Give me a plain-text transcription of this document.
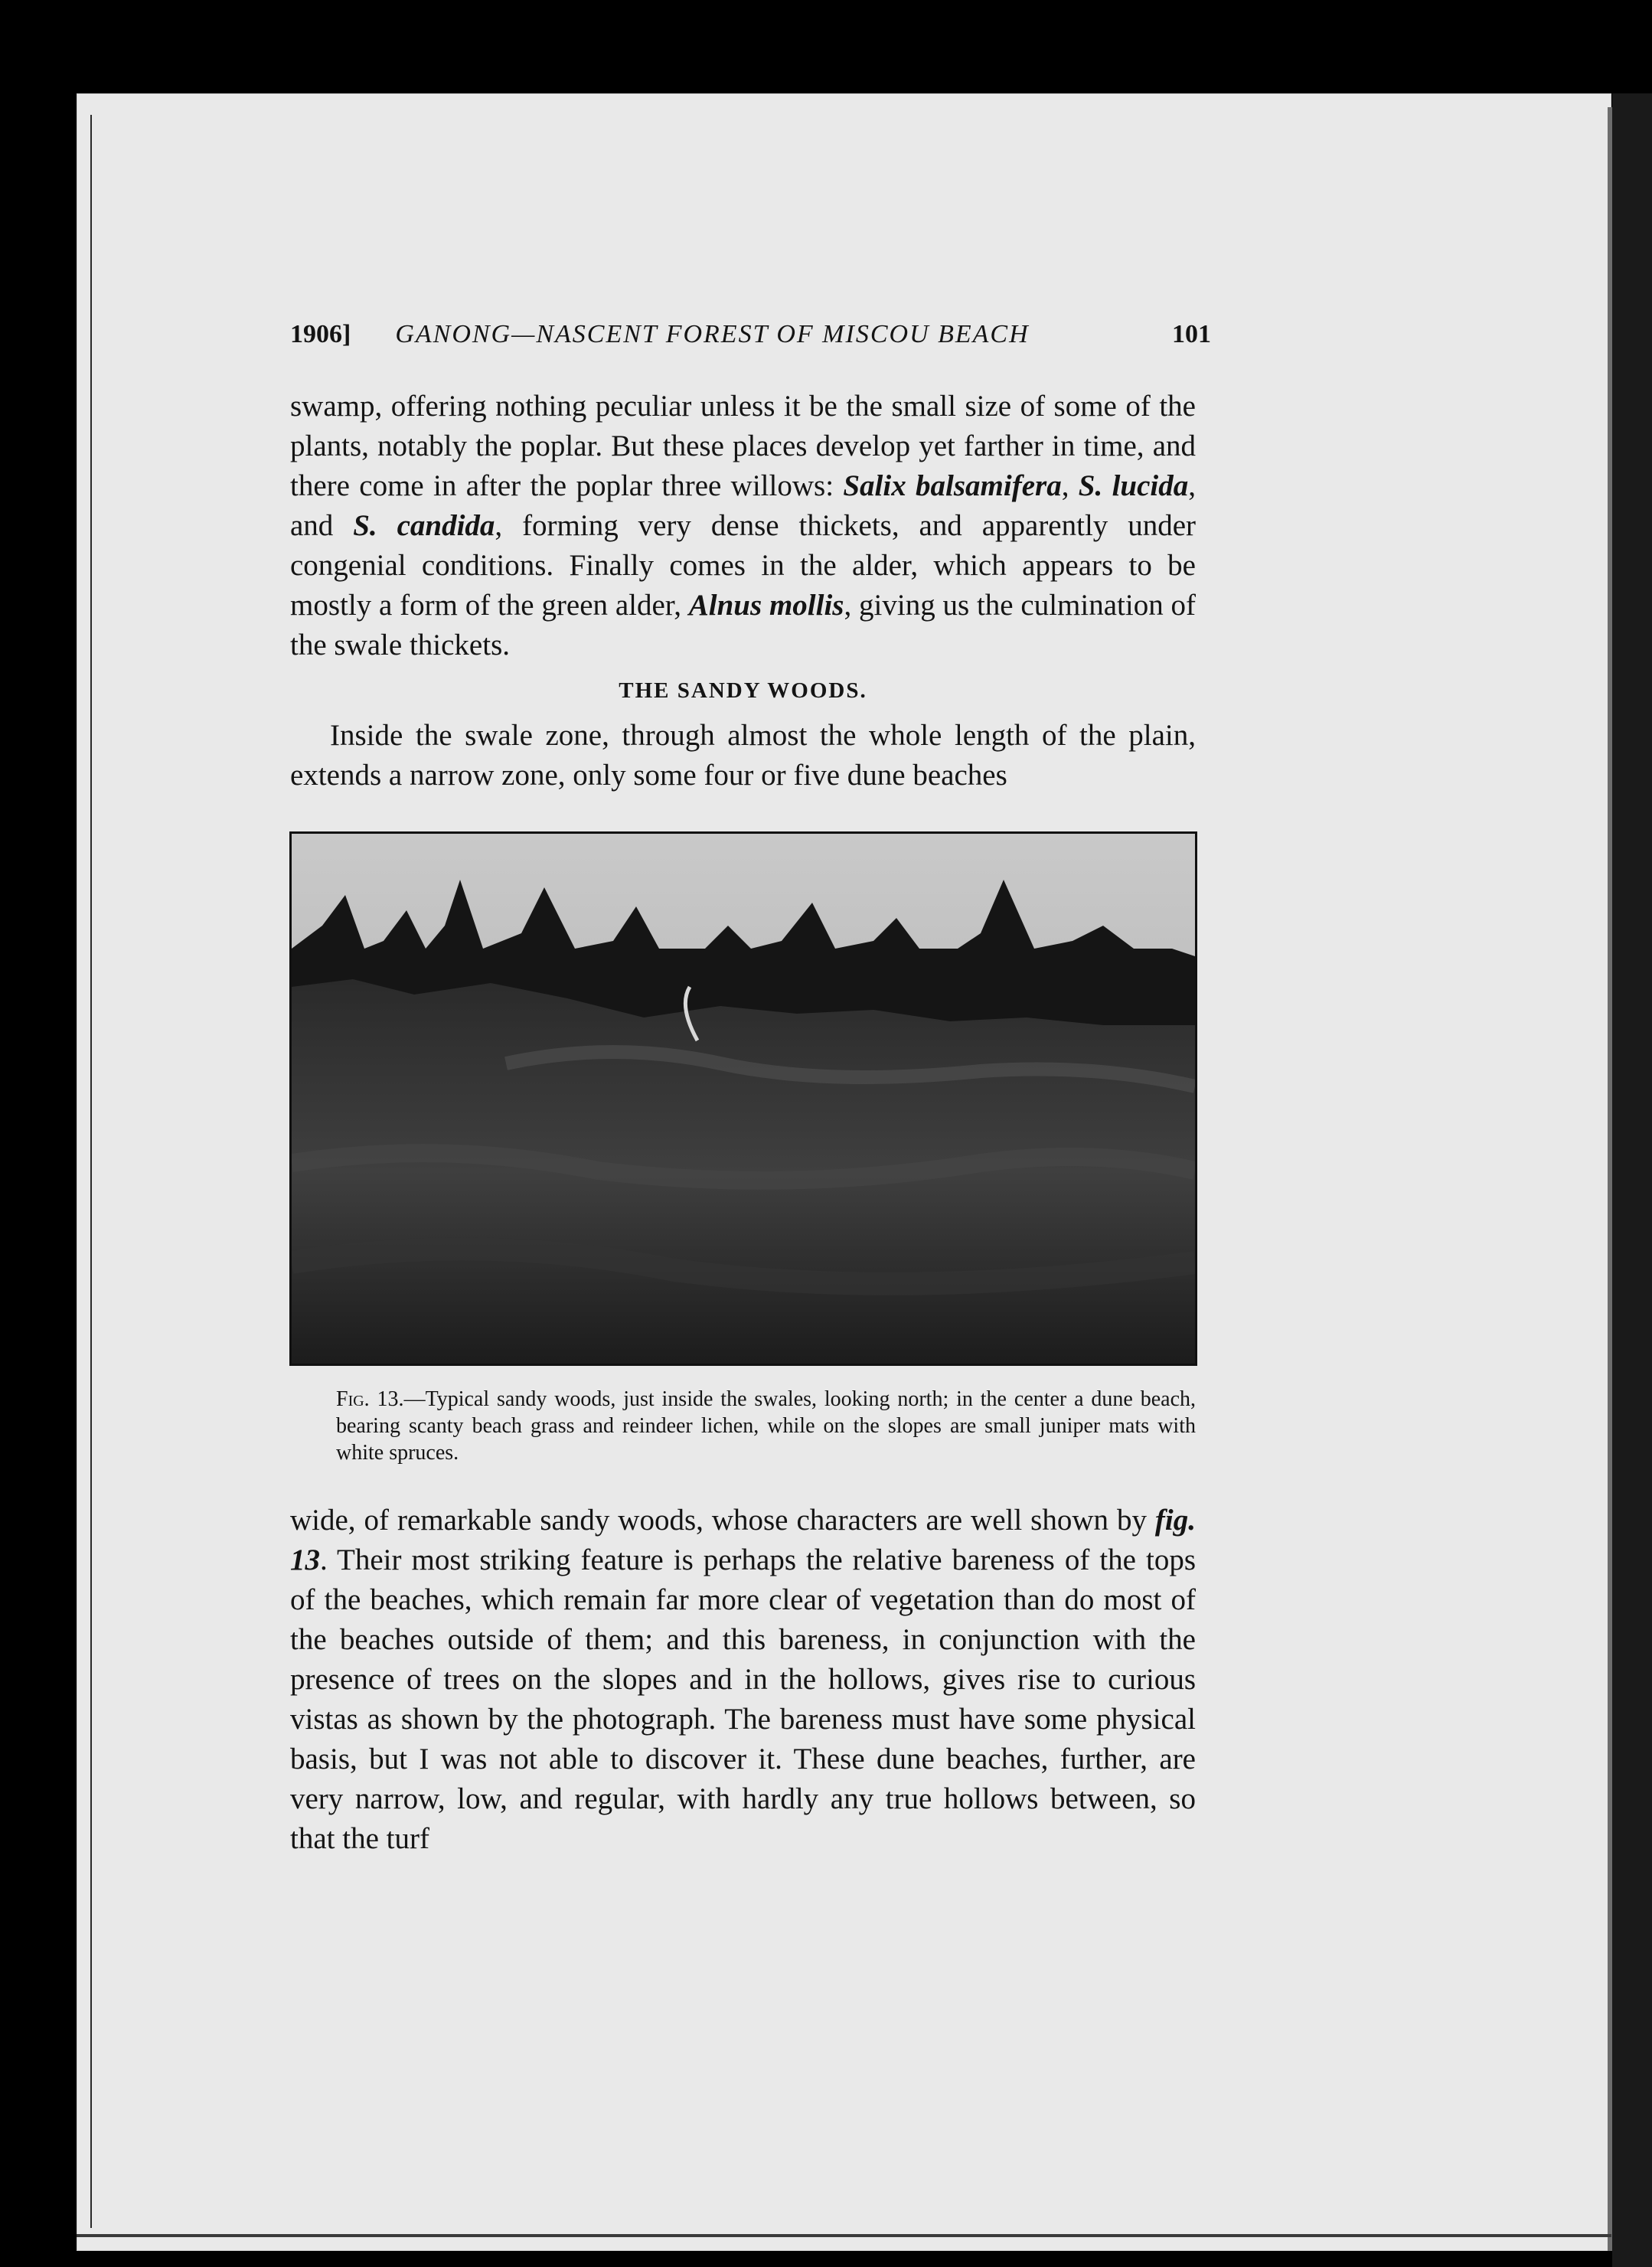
1906] GANONG—NASCENT FOREST OF MISCOU BEACH	101

swamp, offering nothing peculiar unless it be the small size of some of the plants, notably the poplar. But these places develop yet farther in time, and there come in after the poplar three willows: Salix balsamifera, S. lucida, and S. candida, forming very dense thickets, and apparently under congenial conditions. Finally comes in the alder, which appears to be mostly a form of the green alder, Alnus mollis, giving us the culmination of the swale thickets.

THE SANDY WOODS.

Inside the swale zone, through almost the whole length of the plain, extends a narrow zone, only some four or five dune beaches

Fig. 13.—Typical sandy woods, just inside the swales, looking north; in the center a dune beach, bearing scanty beach grass and reindeer lichen, while on the slopes are small juniper mats with white spruces.

wide, of remarkable sandy woods, whose characters are well shown by fig. 13. Their most striking feature is perhaps the relative bareness of the tops of the beaches, which remain far more clear of vegetation than do most of the beaches outside of them; and this bareness, in conjunction with the presence of trees on the slopes and in the hollows, gives rise to curious vistas as shown by the photograph. The bareness must have some physical basis, but I was not able to discover it. These dune beaches, further, are very narrow, low, and regular, with hardly any true hollows between, so that the turf
